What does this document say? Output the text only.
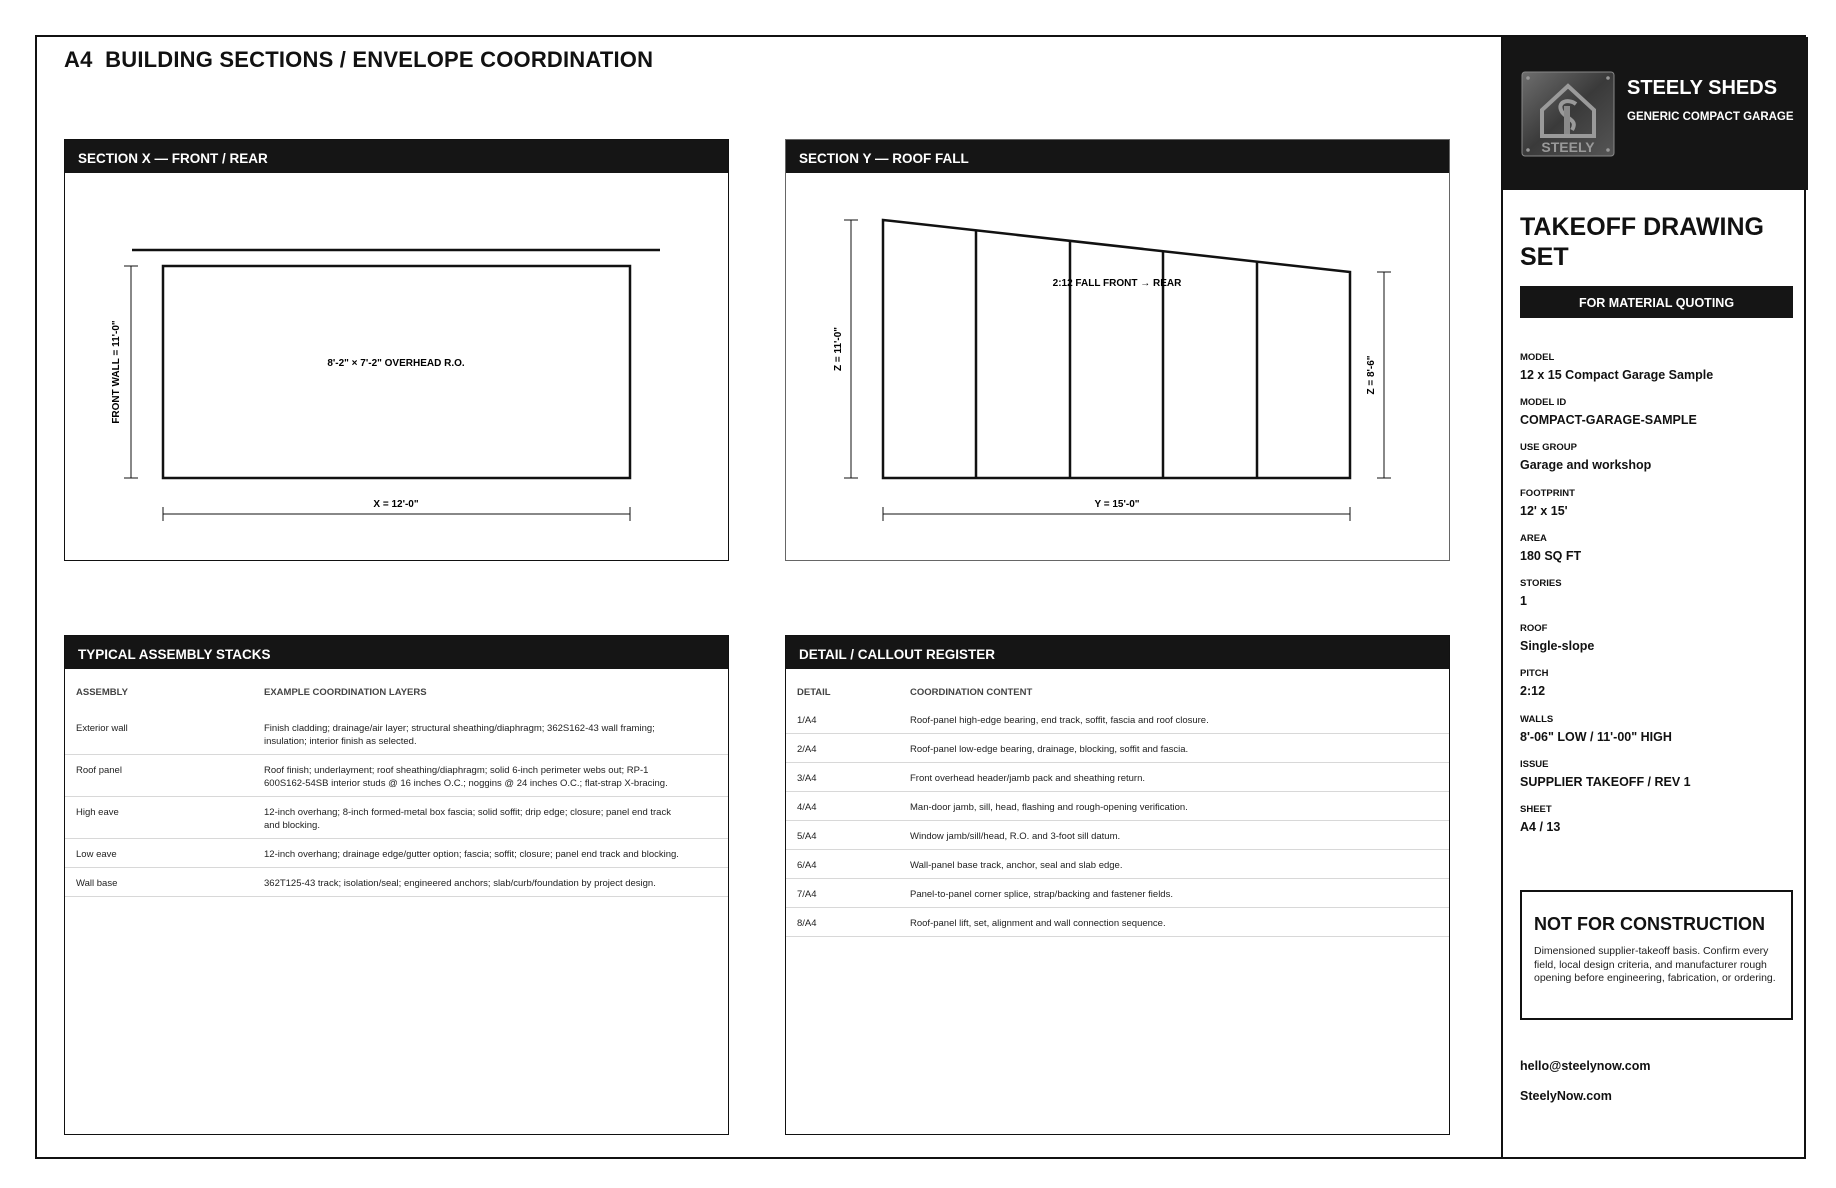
A4  BUILDING SECTIONS / ENVELOPE COORDINATION
SECTION X — FRONT / REAR
8'-2" × 7'-2" OVERHEAD R.O.
FRONT WALL = 11'-0"
X = 12'-0"
SECTION Y — ROOF FALL
2:12 FALL FRONT → REAR
Z = 11'-0"
Z = 8'-6"
Y = 15'-0"
TYPICAL ASSEMBLY STACKS
ASSEMBLY	EXAMPLE COORDINATION LAYERS
Exterior wall	Finish cladding; drainage/air layer; structural sheathing/diaphragm; 362S162-43 wall framing; insulation; interior finish as selected.
Roof panel	Roof finish; underlayment; roof sheathing/diaphragm; solid 6-inch perimeter webs out; RP-1 600S162-54SB interior studs @ 16 inches O.C.; noggins @ 24 inches O.C.; flat-strap X-bracing.
High eave	12-inch overhang; 8-inch formed-metal box fascia; solid soffit; drip edge; closure; panel end track and blocking.
Low eave	12-inch overhang; drainage edge/gutter option; fascia; soffit; closure; panel end track and blocking.
Wall base	362T125-43 track; isolation/seal; engineered anchors; slab/curb/foundation by project design.
DETAIL / CALLOUT REGISTER
DETAIL	COORDINATION CONTENT
1/A4	Roof-panel high-edge bearing, end track, soffit, fascia and roof closure.
2/A4	Roof-panel low-edge bearing, drainage, blocking, soffit and fascia.
3/A4	Front overhead header/jamb pack and sheathing return.
4/A4	Man-door jamb, sill, head, flashing and rough-opening verification.
5/A4	Window jamb/sill/head, R.O. and 3-foot sill datum.
6/A4	Wall-panel base track, anchor, seal and slab edge.
7/A4	Panel-to-panel corner splice, strap/backing and fastener fields.
8/A4	Roof-panel lift, set, alignment and wall connection sequence.
STEELY
STEELY SHEDS
GENERIC COMPACT GARAGE
TAKEOFF DRAWING SET
FOR MATERIAL QUOTING
MODEL
12 x 15 Compact Garage Sample
MODEL ID
COMPACT-GARAGE-SAMPLE
USE GROUP
Garage and workshop
FOOTPRINT
12' x 15'
AREA
180 SQ FT
STORIES
1
ROOF
Single-slope
PITCH
2:12
WALLS
8'-06" LOW / 11'-00" HIGH
ISSUE
SUPPLIER TAKEOFF / REV 1
SHEET
A4 / 13
NOT FOR CONSTRUCTION
Dimensioned supplier-takeoff basis. Confirm every field, local design criteria, and manufacturer rough opening before engineering, fabrication, or ordering.
hello@steelynow.com
SteelyNow.com
